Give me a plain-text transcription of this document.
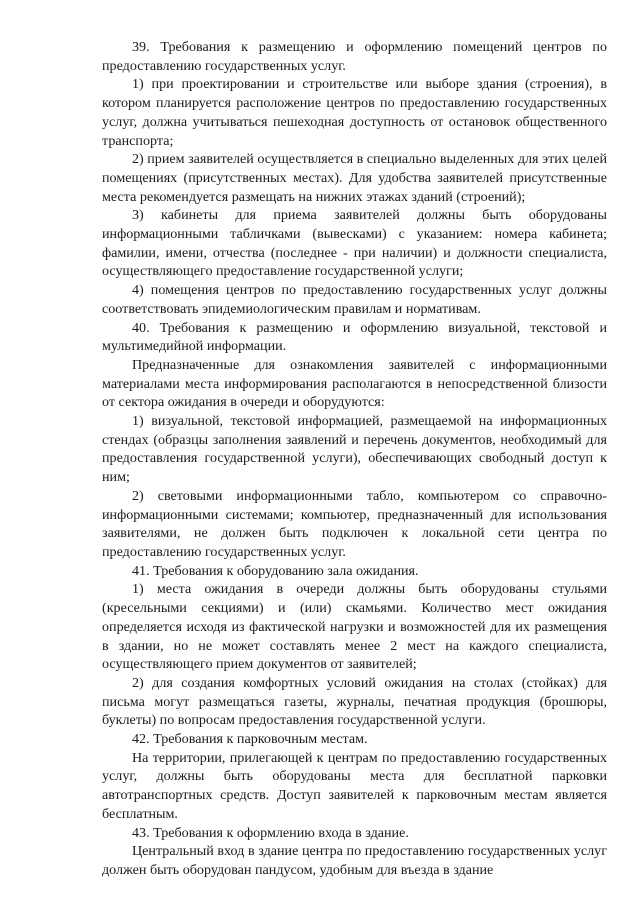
39. Требования к размещению и оформлению помещений центров по предоставлению государственных услуг.

1) при проектировании и строительстве или выборе здания (строения), в котором планируется расположение центров по предоставлению государственных услуг, должна учитываться пешеходная доступность от остановок общественного транспорта;

2) прием заявителей осуществляется в специально выделенных для этих целей помещениях (присутственных местах). Для удобства заявителей присутственные места рекомендуется размещать на нижних этажах зданий (строений);

3) кабинеты для приема заявителей должны быть оборудованы информационными табличками (вывесками) с указанием: номера кабинета; фамилии, имени, отчества (последнее - при наличии) и должности специалиста, осуществляющего предоставление государственной услуги;

4) помещения центров по предоставлению государственных услуг должны соответствовать эпидемиологическим правилам и нормативам.

40. Требования к размещению и оформлению визуальной, текстовой и мультимедийной информации.

Предназначенные для ознакомления заявителей с информационными материалами места информирования располагаются в непосредственной близости от сектора ожидания в очереди и оборудуются:

1) визуальной, текстовой информацией, размещаемой на информационных стендах (образцы заполнения заявлений и перечень документов, необходимый для предоставления государственной услуги), обеспечивающих свободный доступ к ним;

2) световыми информационными табло, компьютером со справочно-информационными системами; компьютер, предназначенный для использования заявителями, не должен быть подключен к локальной сети центра по предоставлению государственных услуг.

41. Требования к оборудованию зала ожидания.

1) места ожидания в очереди должны быть оборудованы стульями (кресельными секциями) и (или) скамьями. Количество мест ожидания определяется исходя из фактической нагрузки и возможностей для их размещения в здании, но не может составлять менее 2 мест на каждого специалиста, осуществляющего прием документов от заявителей;

2) для создания комфортных условий ожидания на столах (стойках) для письма могут размещаться газеты, журналы, печатная продукция (брошюры, буклеты) по вопросам предоставления государственной услуги.

42. Требования к парковочным местам.

На территории, прилегающей к центрам по предоставлению государственных услуг, должны быть оборудованы места для бесплатной парковки автотранспортных средств. Доступ заявителей к парковочным местам является бесплатным.

43. Требования к оформлению входа в здание.

Центральный вход в здание центра по предоставлению государственных услуг должен быть оборудован пандусом, удобным для въезда в здание
